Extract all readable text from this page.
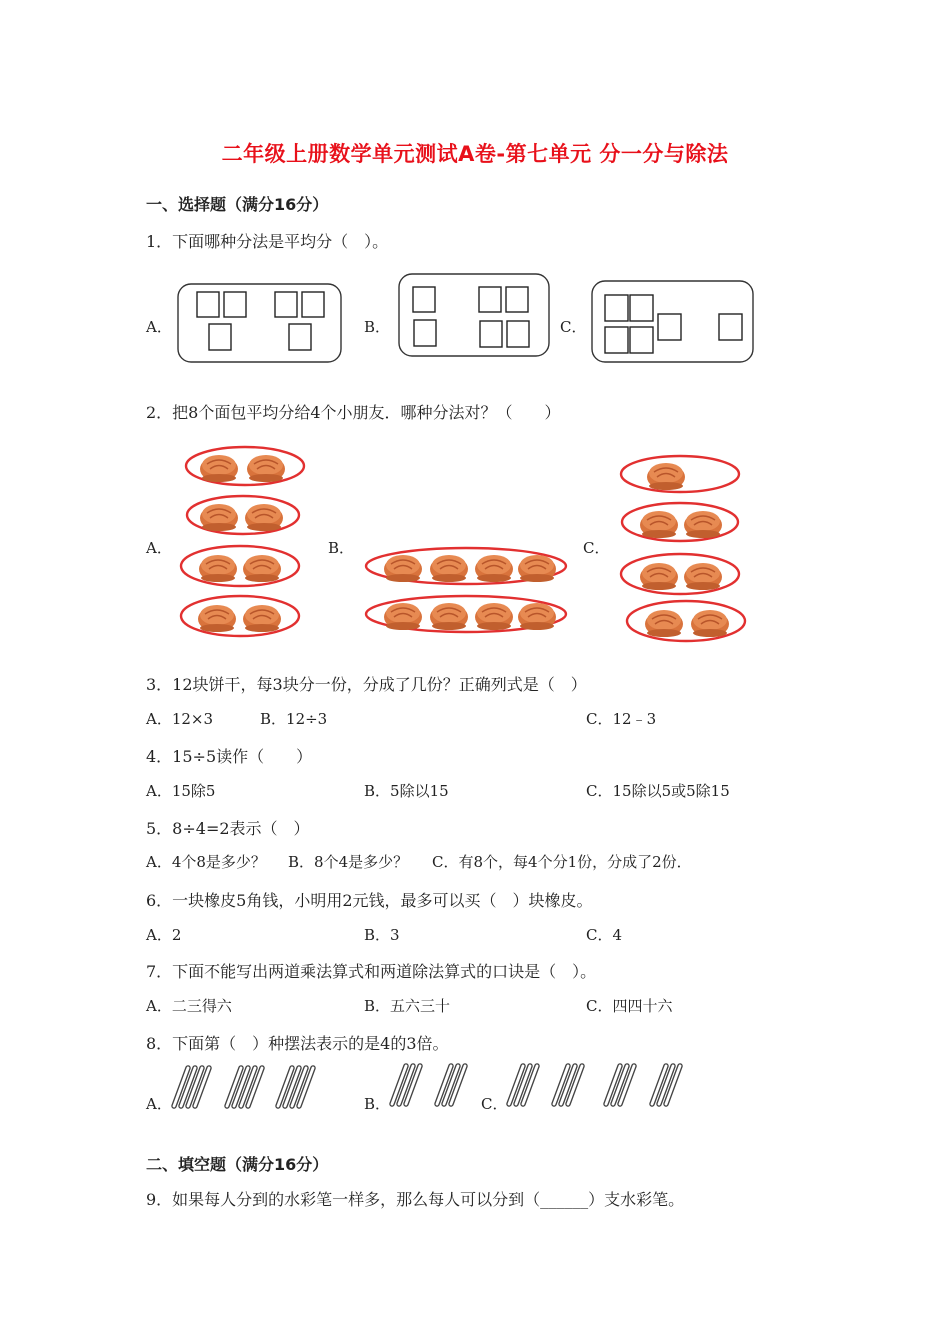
二年级上册数学单元测试A卷-第七单元 分一分与除法
一、选择题（满分16分）
1．下面哪种分法是平均分（　）。
A．	B．	C．
2．把8个面包平均分给4个小朋友．哪种分法对？（　　）
A．	B．	C．
3．12块饼干，每3块分一份，分成了几份？正确列式是（　）
A．12×3	B．12÷3	C．12﹣3
4．15÷5读作（　　）
A．15除5	B．5除以15	C．15除以5或5除15
5．8÷4=2表示（　）
A．4个8是多少？ B．8个4是多少？ C．有8个，每4个分1份，分成了2份．
6．一块橡皮5角钱，小明用2元钱，最多可以买（　）块橡皮。
A．2	B．3	C．4
7．下面不能写出两道乘法算式和两道除法算式的口诀是（　）。
A．二三得六	B．五六三十	C．四四十六
8．下面第（　）种摆法表示的是4的3倍。
A．	B．	C．
二、填空题（满分16分）
9．如果每人分到的水彩笔一样多，那么每人可以分到（______）支水彩笔。
